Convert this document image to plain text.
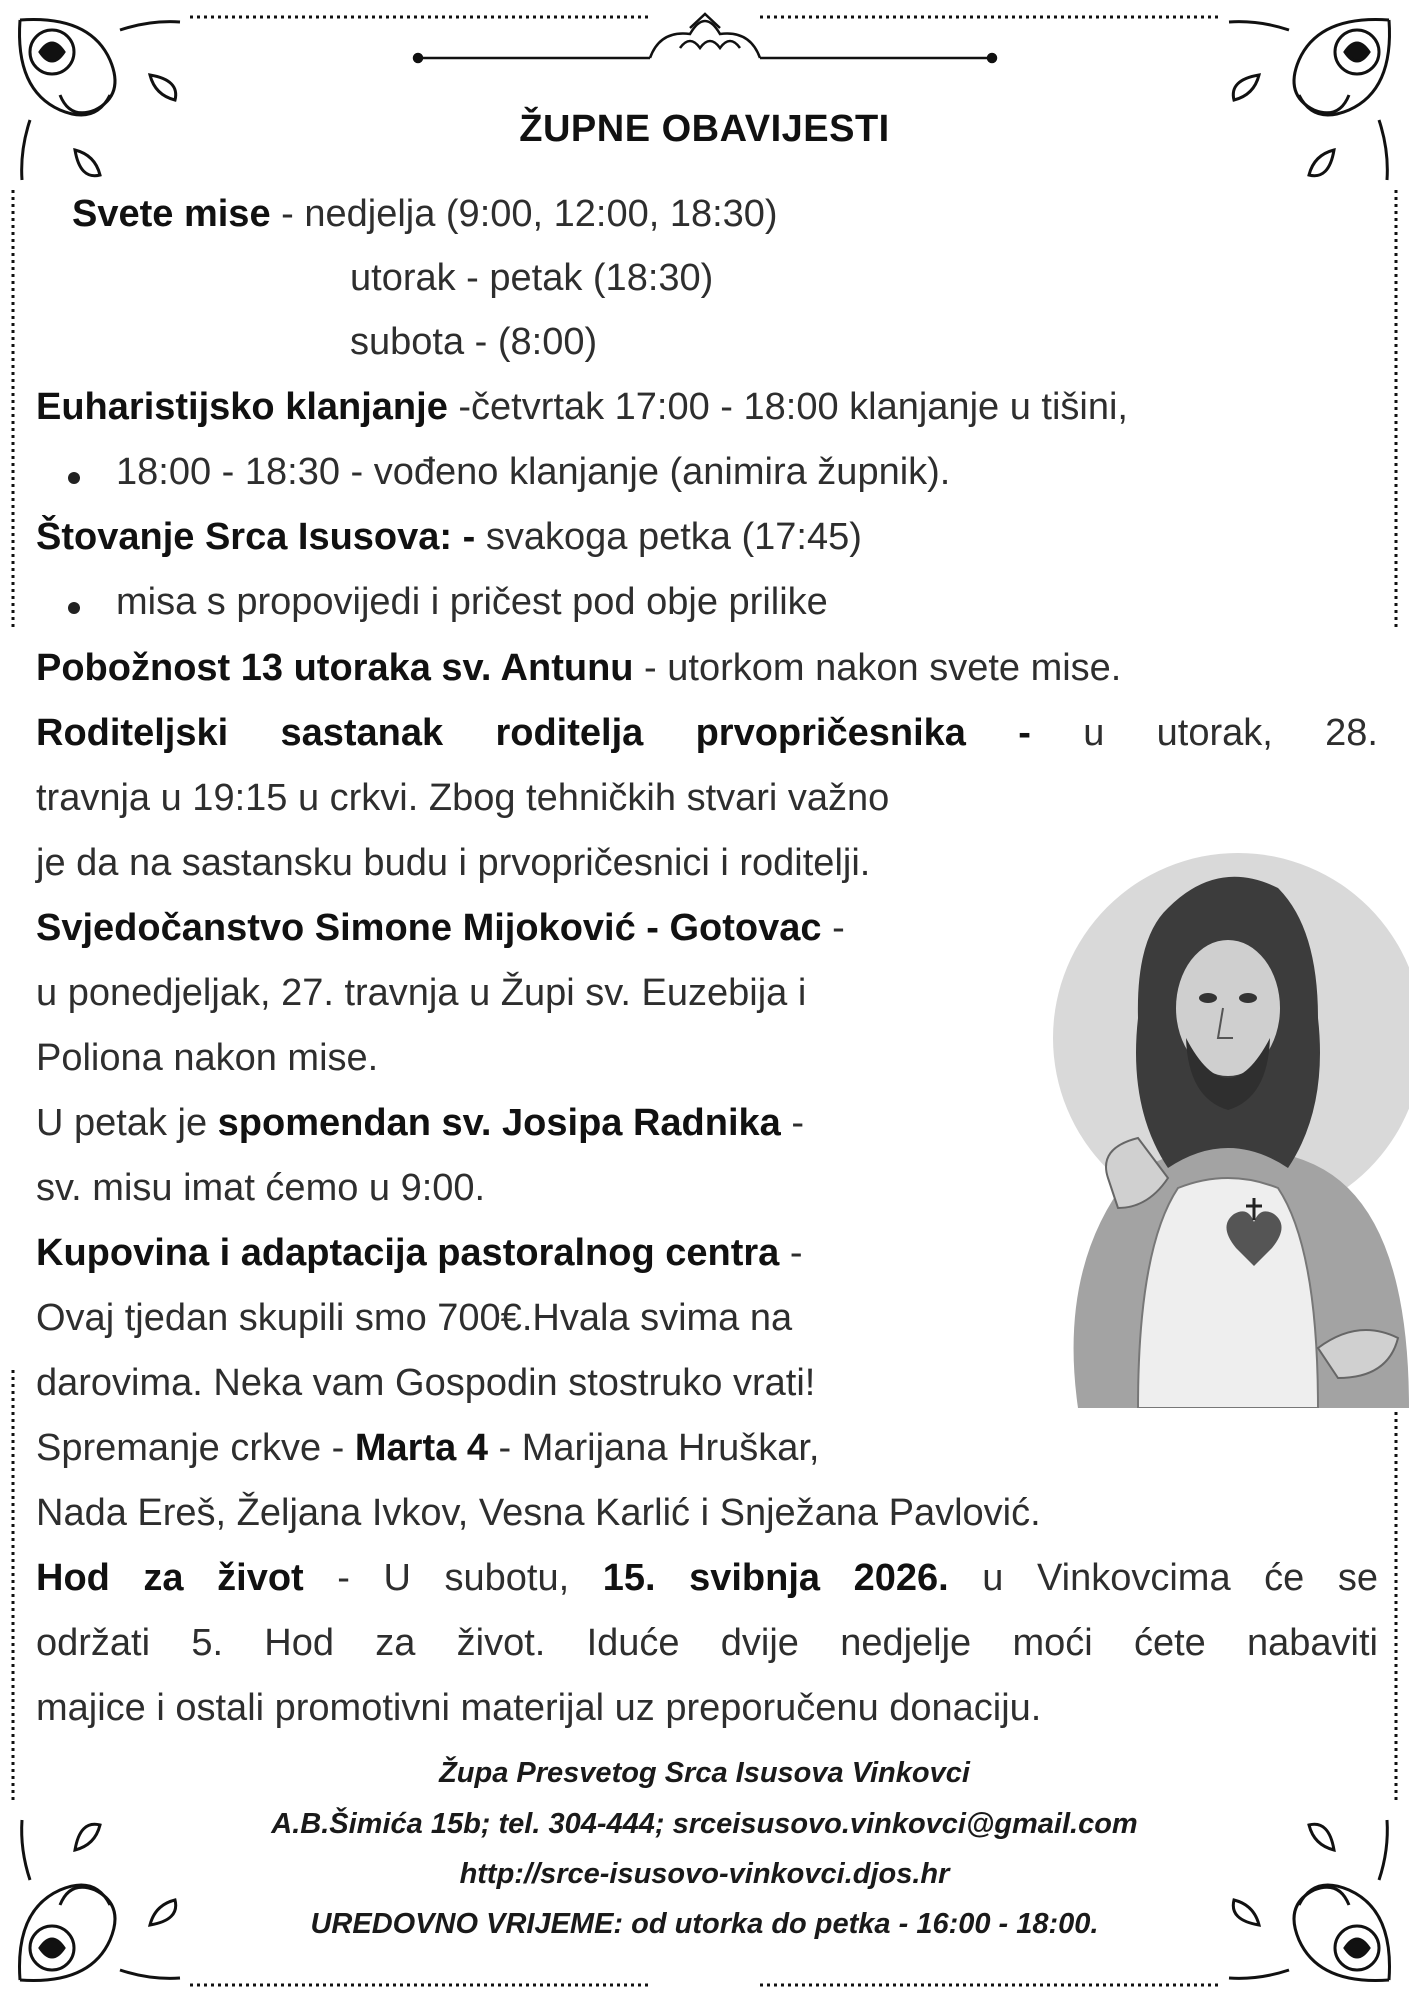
ŽUPNE OBAVIJESTI
Svete mise - nedjelja (9:00, 12:00, 18:30)
utorak - petak (18:30)
subota - (8:00)
Euharistijsko klanjanje -četvrtak 17:00 - 18:00 klanjanje u tišini,
18:00 - 18:30 - vođeno klanjanje (animira župnik).
Štovanje Srca Isusova: - svakoga petka (17:45)
misa s propovijedi i pričest pod obje prilike
Pobožnost 13 utoraka sv. Antunu - utorkom nakon svete mise.
Roditeljski sastanak roditelja prvopričesnika - u utorak, 28.
travnja u 19:15 u crkvi. Zbog tehničkih stvari važno
je da na sastansku budu i prvopričesnici i roditelji.
Svjedočanstvo Simone Mijoković - Gotovac -
u ponedjeljak, 27. travnja u Župi sv. Euzebija i
Poliona nakon mise.
U petak je spomendan sv. Josipa Radnika -
sv. misu imat ćemo u 9:00.
Kupovina i adaptacija pastoralnog centra -
Ovaj tjedan skupili smo 700€.Hvala svima na
darovima. Neka vam Gospodin stostruko vrati!
Spremanje crkve - Marta 4 - Marijana Hruškar,
Nada Ereš, Željana Ivkov, Vesna Karlić i Snježana Pavlović.
Hod za život - U subotu, 15. svibnja 2026. u Vinkovcima će se
održati 5. Hod za život. Iduće dvije nedjelje moći ćete nabaviti
majice i ostali promotivni materijal uz preporučenu donaciju.
Župa Presvetog Srca Isusova Vinkovci
A.B.Šimića 15b; tel. 304-444; srceisusovo.vinkovci@gmail.com
http://srce-isusovo-vinkovci.djos.hr
UREDOVNO VRIJEME: od utorka do petka - 16:00 - 18:00.
